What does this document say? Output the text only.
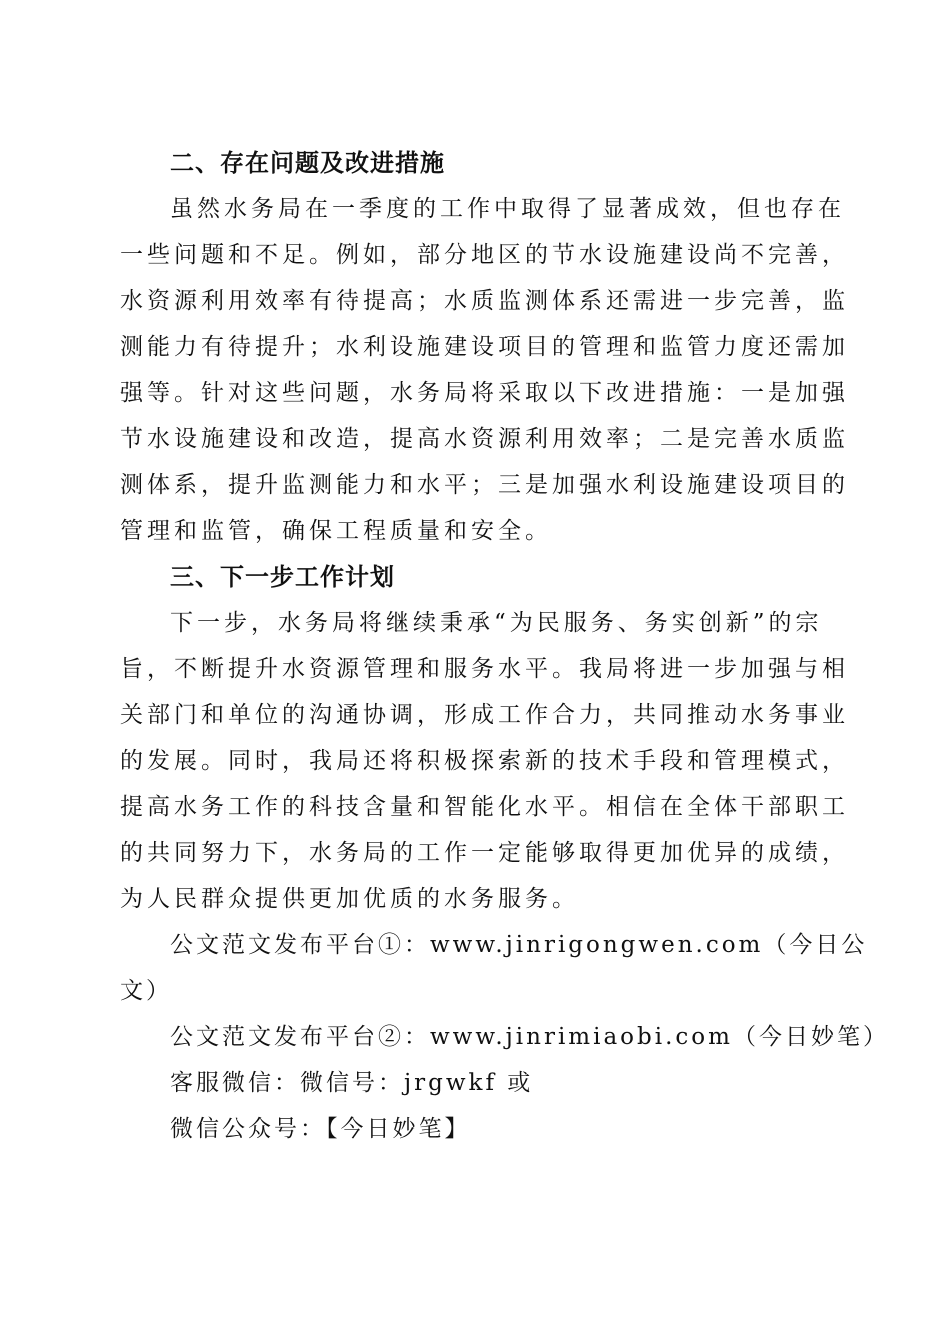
二、存在问题及改进措施
虽然水务局在一季度的工作中取得了显著成效，但也存在
一些问题和不足。例如，部分地区的节水设施建设尚不完善，
水资源利用效率有待提高；水质监测体系还需进一步完善，监
测能力有待提升；水利设施建设项目的管理和监管力度还需加
强等。针对这些问题，水务局将采取以下改进措施：一是加强
节水设施建设和改造，提高水资源利用效率；二是完善水质监
测体系，提升监测能力和水平；三是加强水利设施建设项目的
管理和监管，确保工程质量和安全。
三、下一步工作计划
下一步，水务局将继续秉承“为民服务、务实创新”的宗
旨，不断提升水资源管理和服务水平。我局将进一步加强与相
关部门和单位的沟通协调，形成工作合力，共同推动水务事业
的发展。同时，我局还将积极探索新的技术手段和管理模式，
提高水务工作的科技含量和智能化水平。相信在全体干部职工
的共同努力下，水务局的工作一定能够取得更加优异的成绩，
为人民群众提供更加优质的水务服务。
公文范文发布平台①：www.jinrigongwen.com（今日公
文）
公文范文发布平台②：www.jinrimiaobi.com（今日妙笔）
客服微信：微信号：jrgwkf 或
微信公众号：【今日妙笔】
